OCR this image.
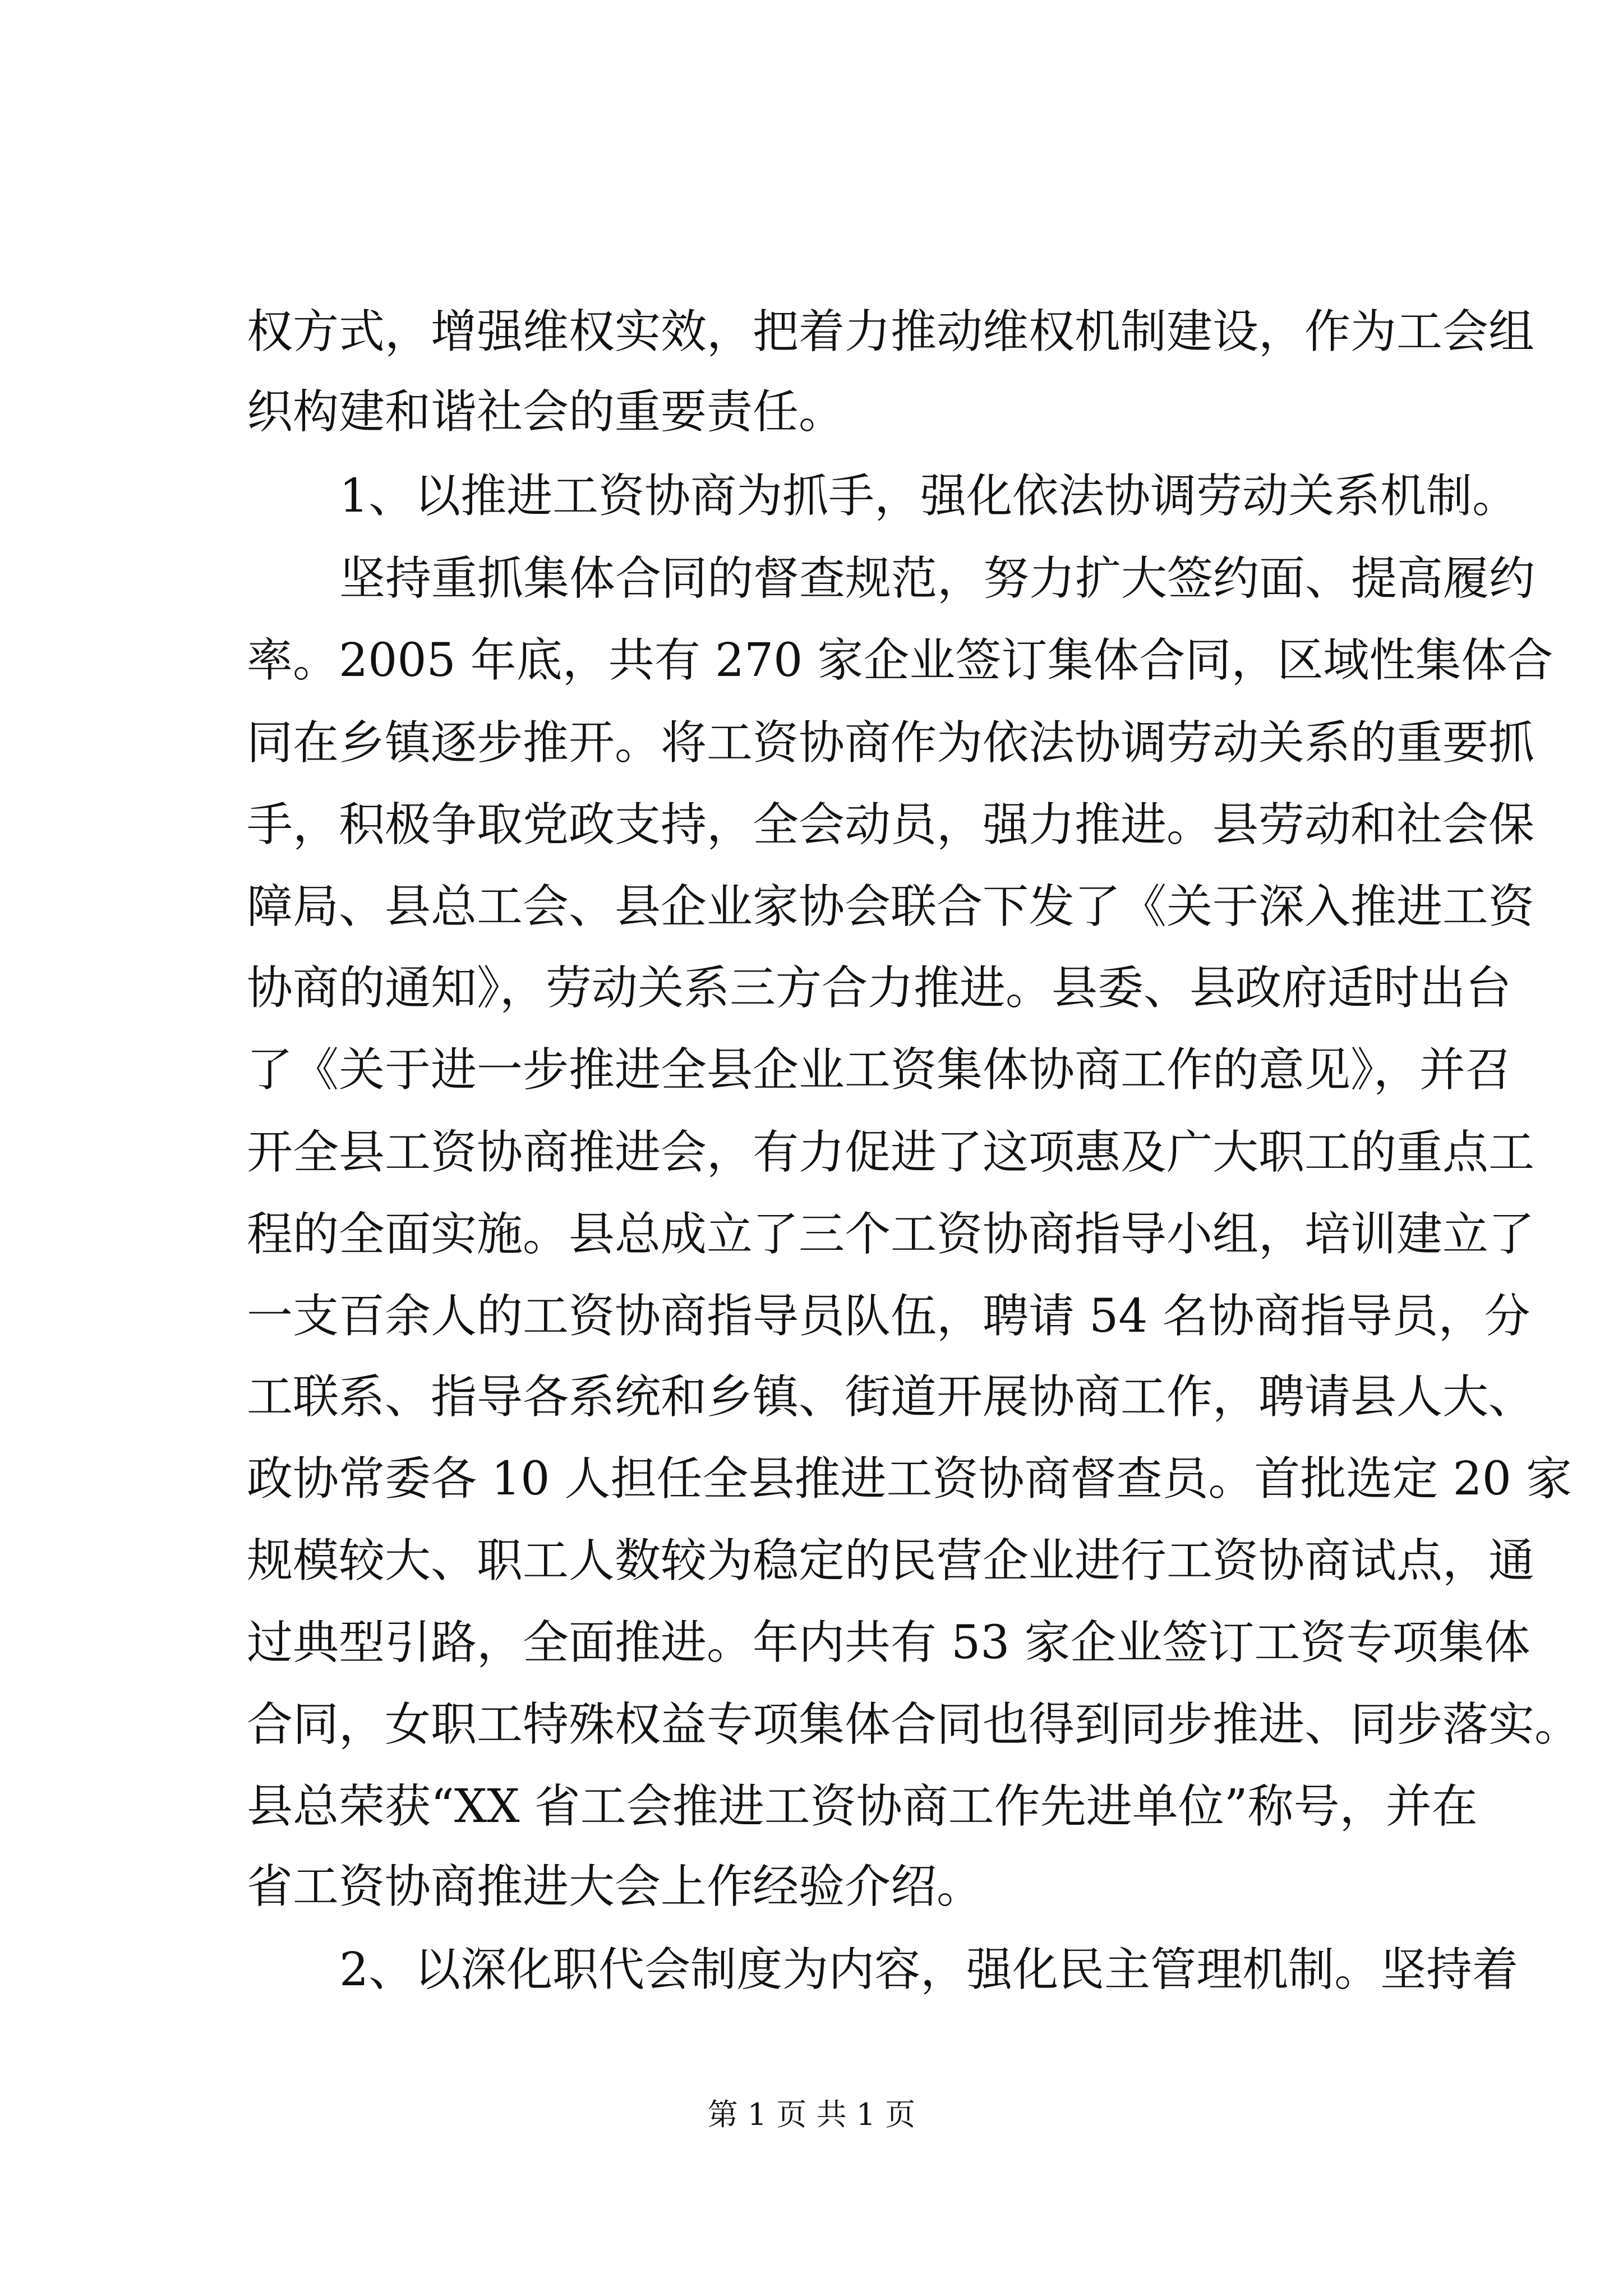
权方式，增强维权实效，把着力推动维权机制建设，作为工会组
织构建和谐社会的重要责任。
1、以推进工资协商为抓手，强化依法协调劳动关系机制。
坚持重抓集体合同的督查规范，努力扩大签约面、提高履约
率。2005 年底，共有 270 家企业签订集体合同，区域性集体合
同在乡镇逐步推开。将工资协商作为依法协调劳动关系的重要抓
手，积极争取党政支持，全会动员，强力推进。县劳动和社会保
障局、县总工会、县企业家协会联合下发了《关于深入推进工资
协商的通知》，劳动关系三方合力推进。县委、县政府适时出台
了《关于进一步推进全县企业工资集体协商工作的意见》，并召
开全县工资协商推进会，有力促进了这项惠及广大职工的重点工
程的全面实施。县总成立了三个工资协商指导小组，培训建立了
一支百余人的工资协商指导员队伍，聘请 54 名协商指导员，分
工联系、指导各系统和乡镇、街道开展协商工作，聘请县人大、
政协常委各 10 人担任全县推进工资协商督查员。首批选定 20 家
规模较大、职工人数较为稳定的民营企业进行工资协商试点，通
过典型引路，全面推进。年内共有 53 家企业签订工资专项集体
合同，女职工特殊权益专项集体合同也得到同步推进、同步落实。
县总荣获“XX 省工会推进工资协商工作先进单位”称号，并在
省工资协商推进大会上作经验介绍。
2、以深化职代会制度为内容，强化民主管理机制。坚持着
第 1 页 共 1 页
